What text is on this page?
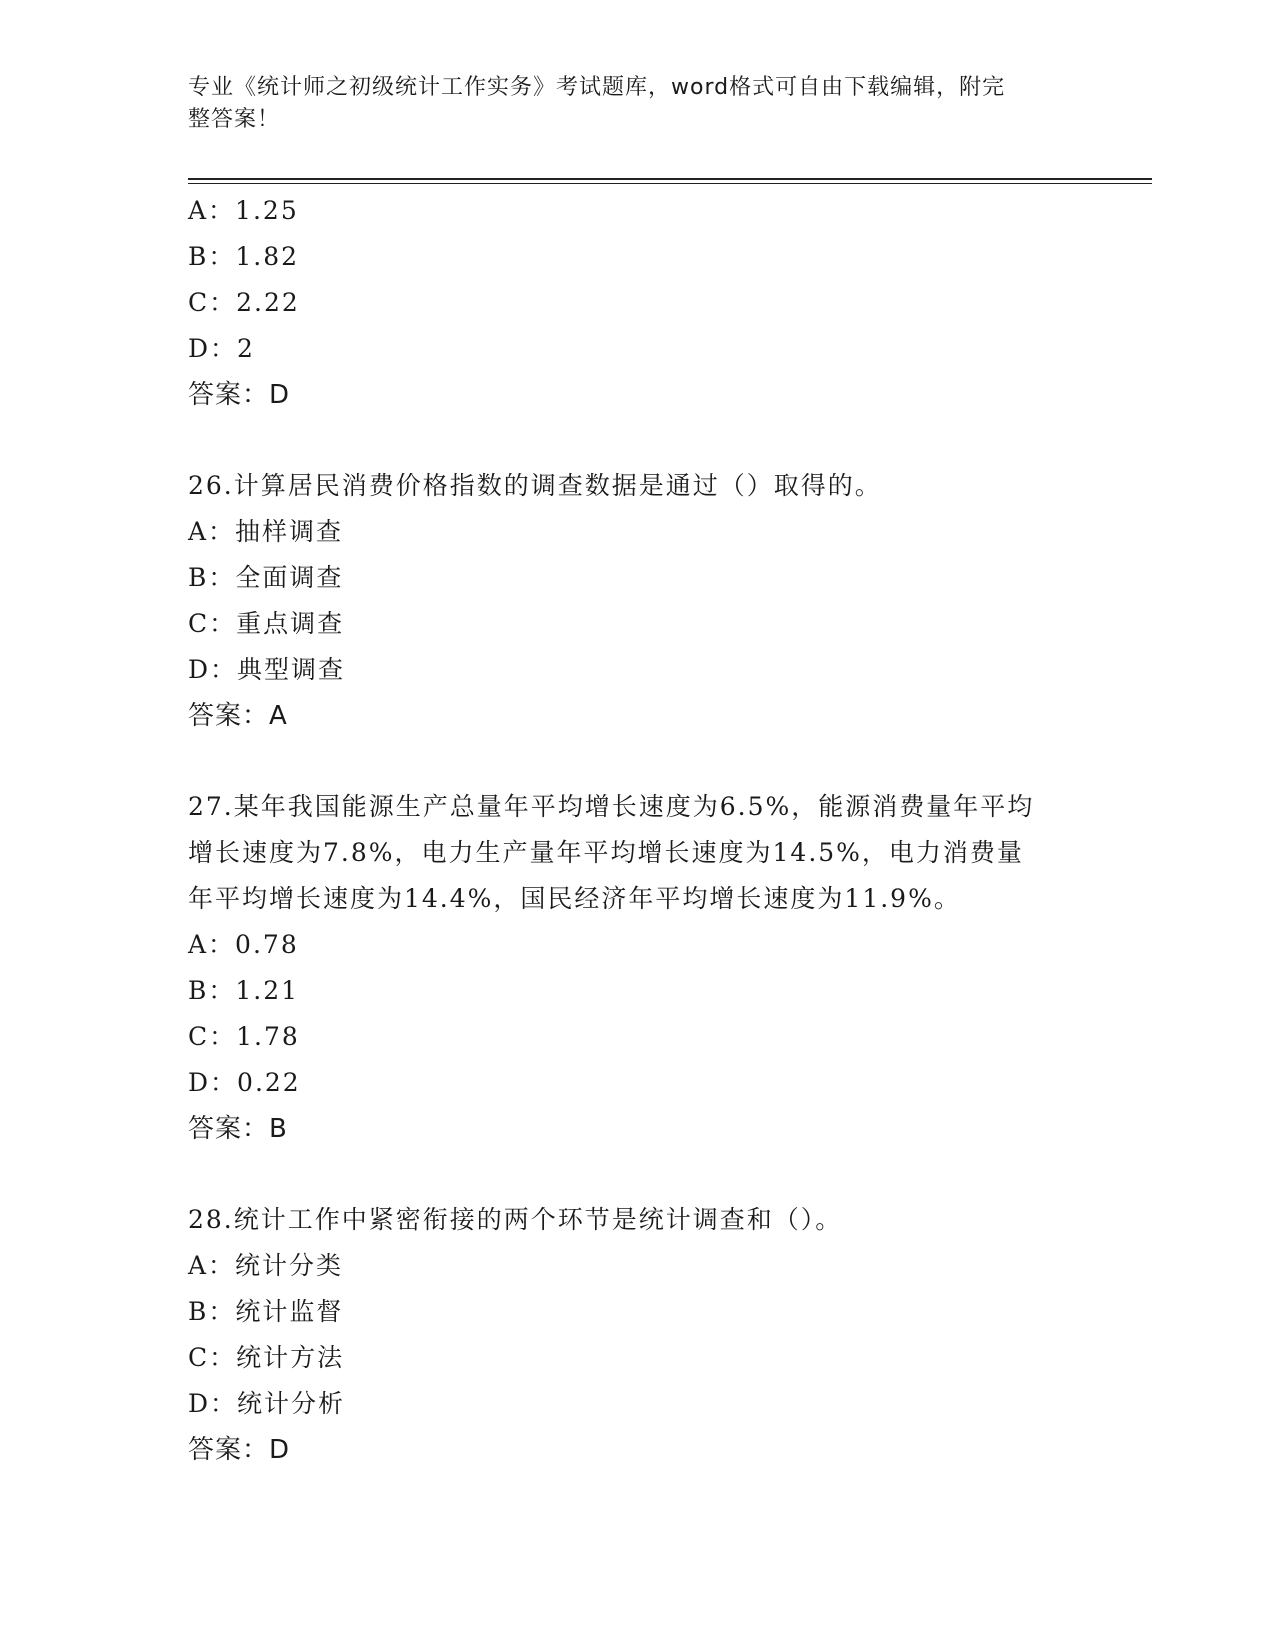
专业《统计师之初级统计工作实务》考试题库，word格式可自由下载编辑，附完
整答案！
A：1.25
B：1.82
C：2.22
D：2
答案：D
26.计算居民消费价格指数的调查数据是通过（）取得的。
A：抽样调查
B：全面调查
C：重点调查
D：典型调查
答案：A
27.某年我国能源生产总量年平均增长速度为6.5%，能源消费量年平均
增长速度为7.8%，电力生产量年平均增长速度为14.5%，电力消费量
年平均增长速度为14.4%，国民经济年平均增长速度为11.9%。
A：0.78
B：1.21
C：1.78
D：0.22
答案：B
28.统计工作中紧密衔接的两个环节是统计调查和（）。
A：统计分类
B：统计监督
C：统计方法
D：统计分析
答案：D
